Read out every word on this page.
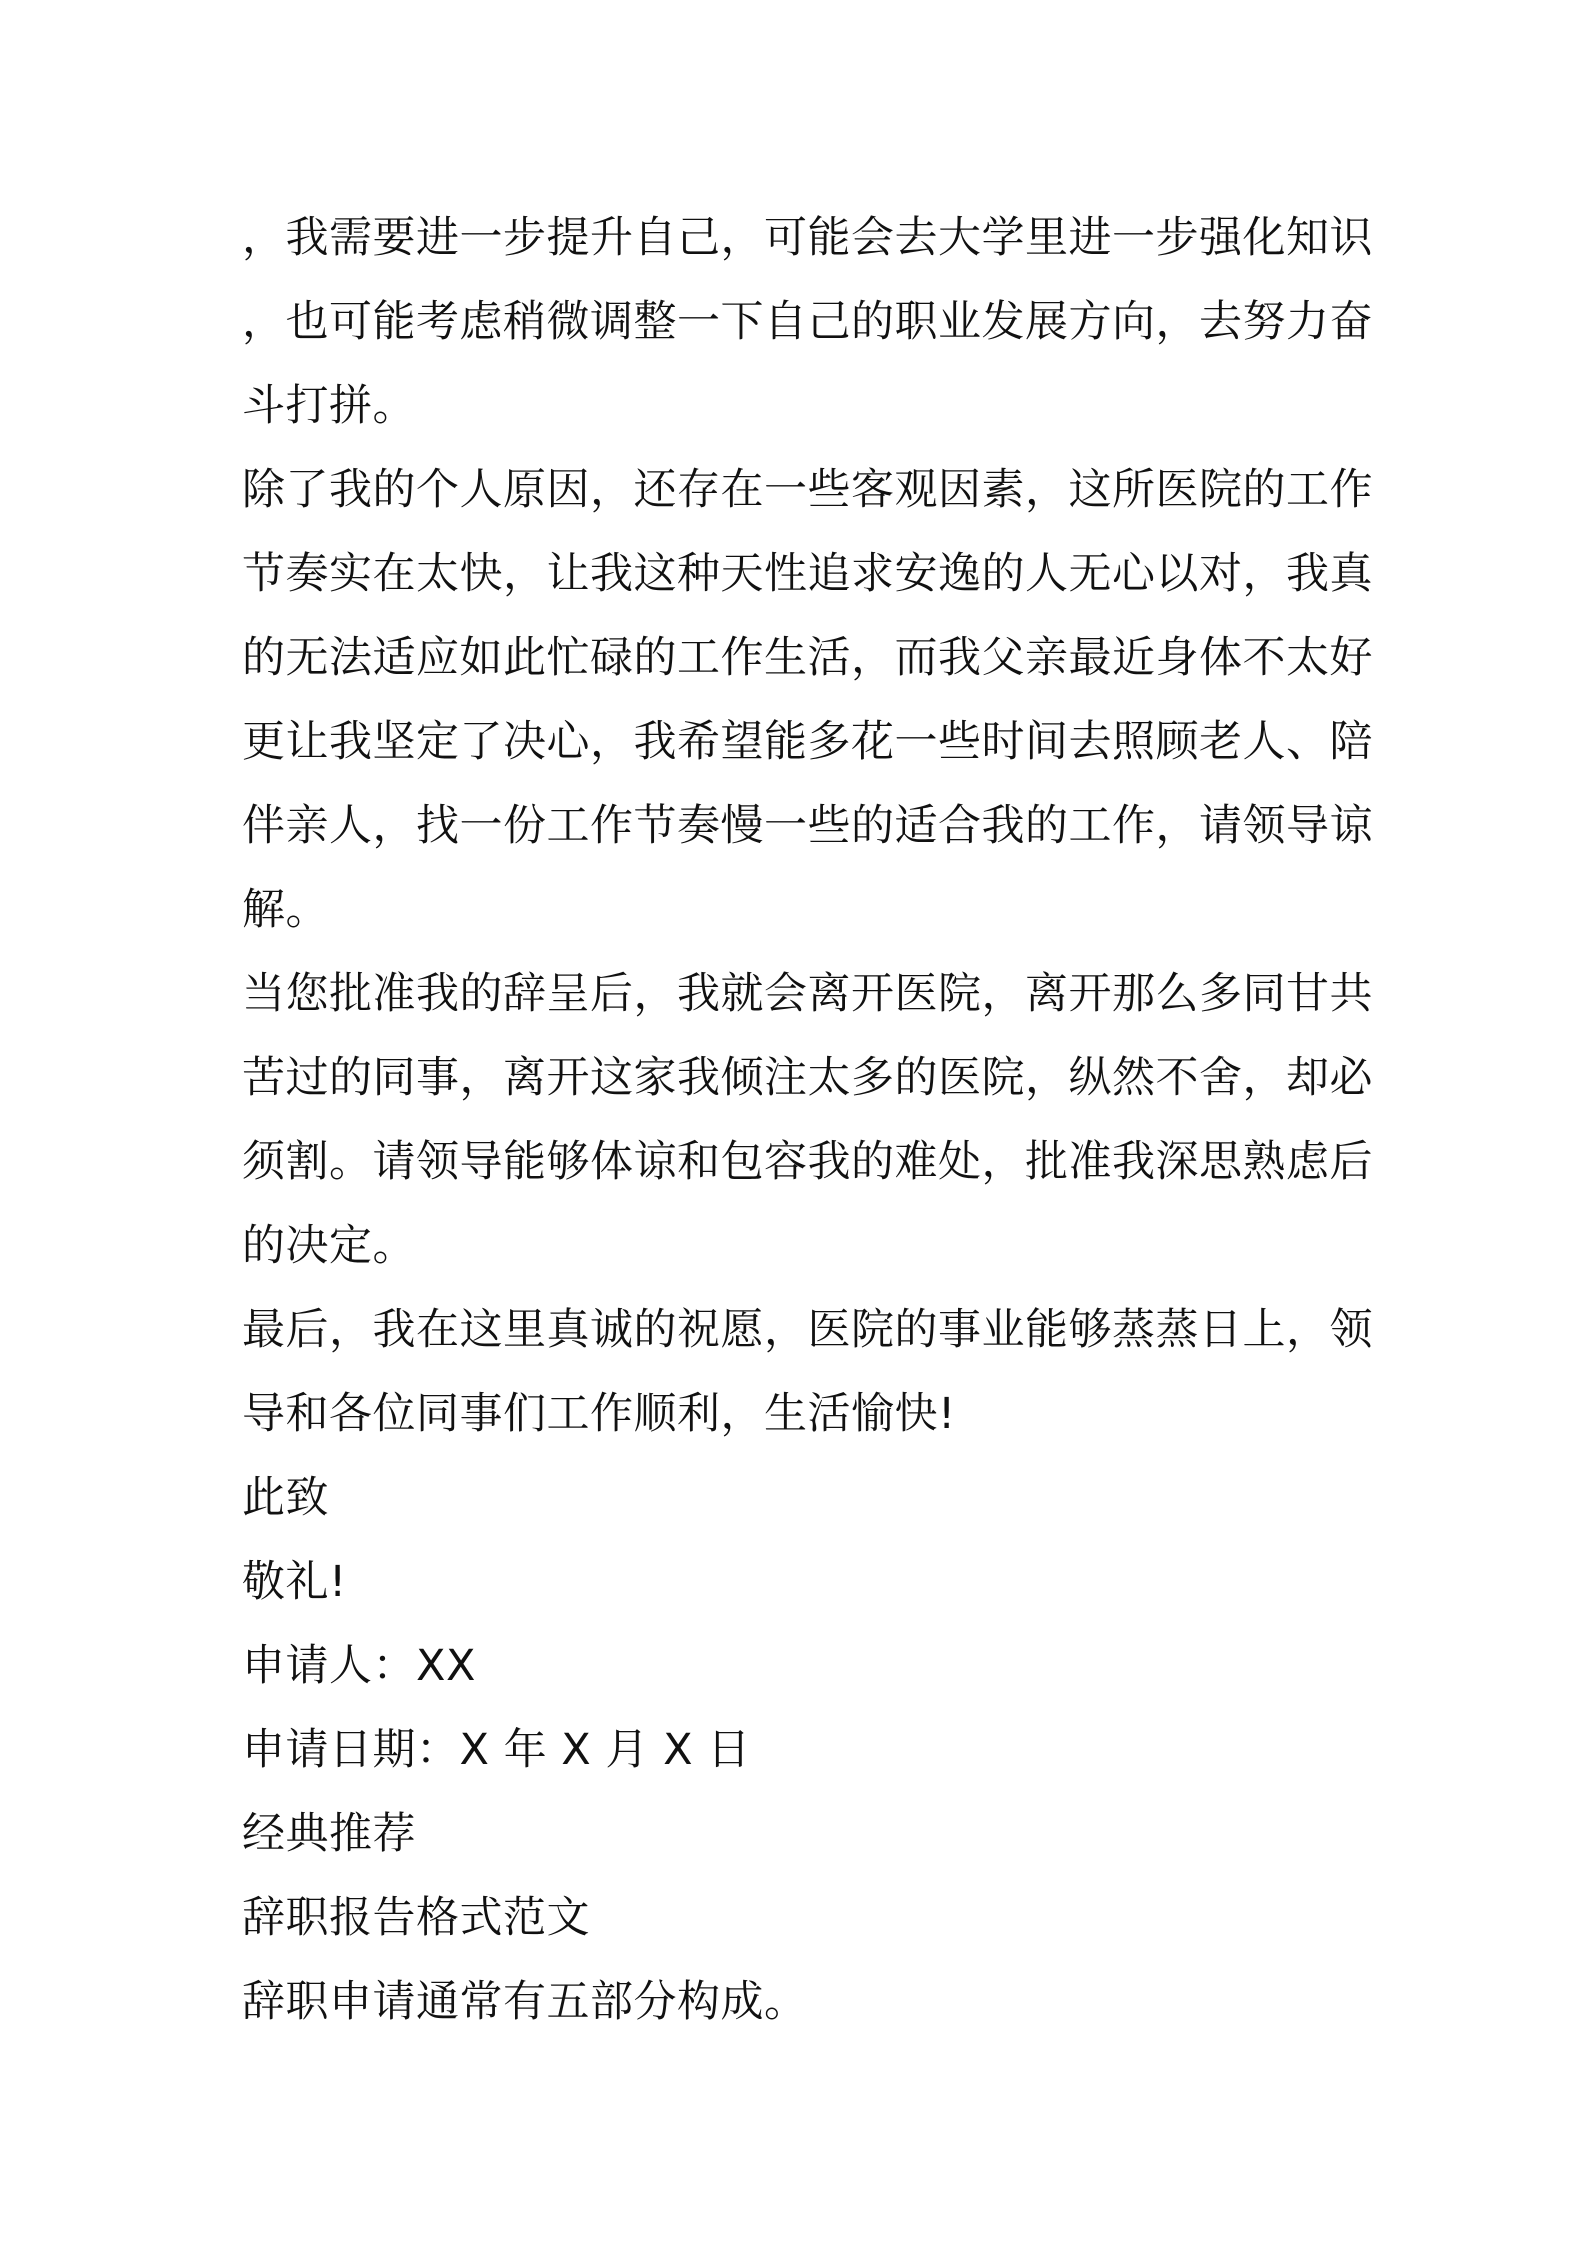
，我需要进一步提升自己，可能会去大学里进一步强化知识
，也可能考虑稍微调整一下自己的职业发展方向，去努力奋
斗打拼。
除了我的个人原因，还存在一些客观因素，这所医院的工作
节奏实在太快，让我这种天性追求安逸的人无心以对，我真
的无法适应如此忙碌的工作生活，而我父亲最近身体不太好
更让我坚定了决心，我希望能多花一些时间去照顾老人、陪
伴亲人，找一份工作节奏慢一些的适合我的工作，请领导谅
解。
当您批准我的辞呈后，我就会离开医院，离开那么多同甘共
苦过的同事，离开这家我倾注太多的医院，纵然不舍，却必
须割。请领导能够体谅和包容我的难处，批准我深思熟虑后
的决定。
最后，我在这里真诚的祝愿，医院的事业能够蒸蒸日上，领
导和各位同事们工作顺利，生活愉快!
此致
敬礼!
申请人：XX
申请日期：X 年 X 月 X 日
经典推荐
辞职报告格式范文
辞职申请通常有五部分构成。
